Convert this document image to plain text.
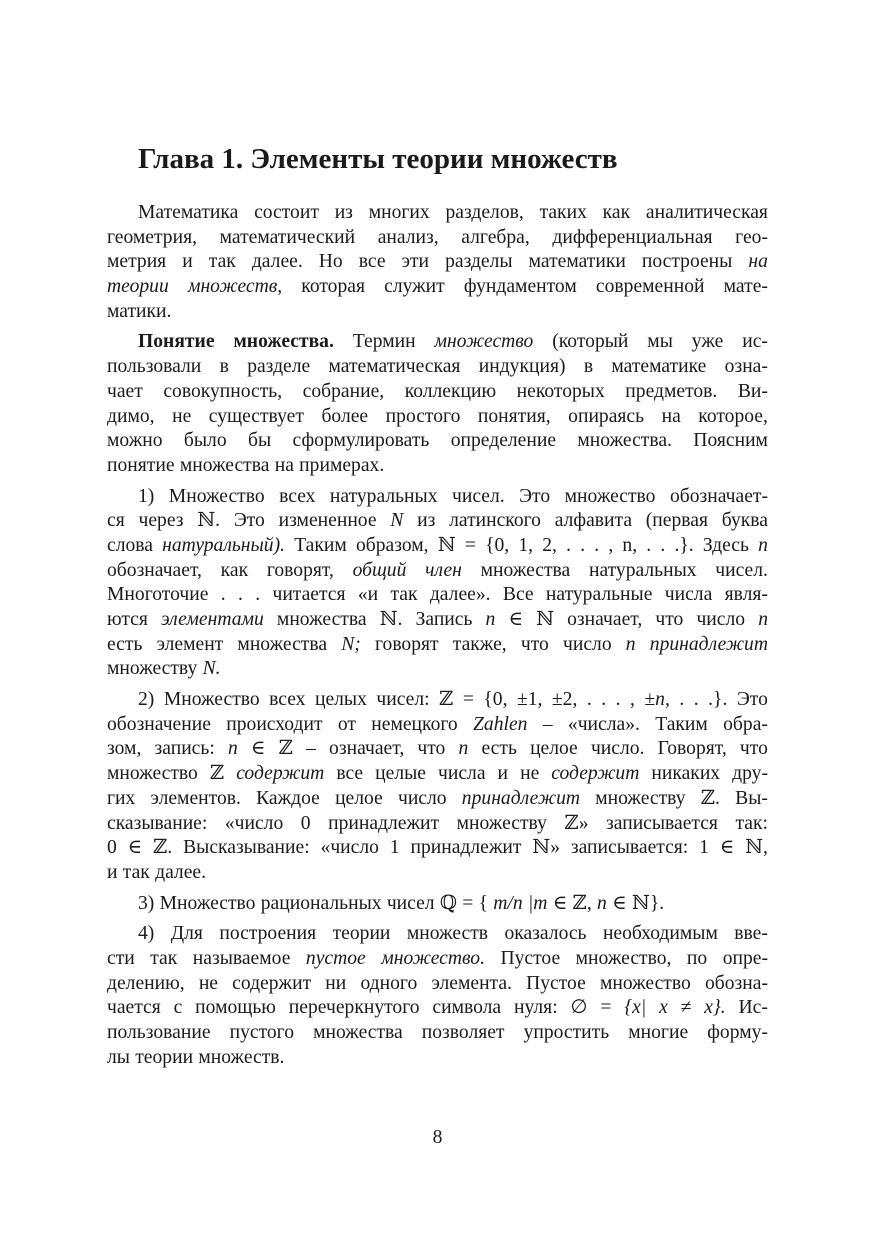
Глава 1. Элементы теории множеств
Математика состоит из многих разделов, таких как аналитическая
геометрия, математический анализ, алгебра, дифференциальная гео-
метрия и так далее. Но все эти разделы математики построены на
теории множеств, которая служит фундаментом современной мате-
матики.
Понятие множества. Термин множество (который мы уже ис-
пользовали в разделе математическая индукция) в математике озна-
чает совокупность, собрание, коллекцию некоторых предметов. Ви-
димо, не существует более простого понятия, опираясь на которое,
можно было бы сформулировать определение множества. Поясним
понятие множества на примерах.
1) Множество всех натуральных чисел. Это множество обозначает-
ся через ℕ. Это измененное N из латинского алфавита (первая буква
слова натуральный). Таким образом, ℕ = {0, 1, 2, . . . , n, . . .}. Здесь n
обозначает, как говорят, общий член множества натуральных чисел.
Многоточие . . . читается «и так далее». Все натуральные числа явля-
ются элементами множества ℕ. Запись n ∈ ℕ означает, что число n
есть элемент множества N; говорят также, что число n принадлежит
множеству N.
2) Множество всех целых чисел: ℤ = {0, ±1, ±2, . . . , ±n, . . .}. Это
обозначение происходит от немецкого Zahlen – «числа». Таким обра-
зом, запись: n ∈ ℤ – означает, что n есть целое число. Говорят, что
множество ℤ содержит все целые числа и не содержит никаких дру-
гих элементов. Каждое целое число принадлежит множеству ℤ. Вы-
сказывание: «число 0 принадлежит множеству ℤ» записывается так:
0 ∈ ℤ. Высказывание: «число 1 принадлежит ℕ» записывается: 1 ∈ ℕ,
и так далее.
3) Множество рациональных чисел ℚ = { m/n |m ∈ ℤ, n ∈ ℕ}.
4) Для построения теории множеств оказалось необходимым вве-
сти так называемое пустое множество. Пустое множество, по опре-
делению, не содержит ни одного элемента. Пустое множество обозна-
чается с помощью перечеркнутого символа нуля: ∅ = {x| x ≠ x}. Ис-
пользование пустого множества позволяет упростить многие форму-
лы теории множеств.
8
